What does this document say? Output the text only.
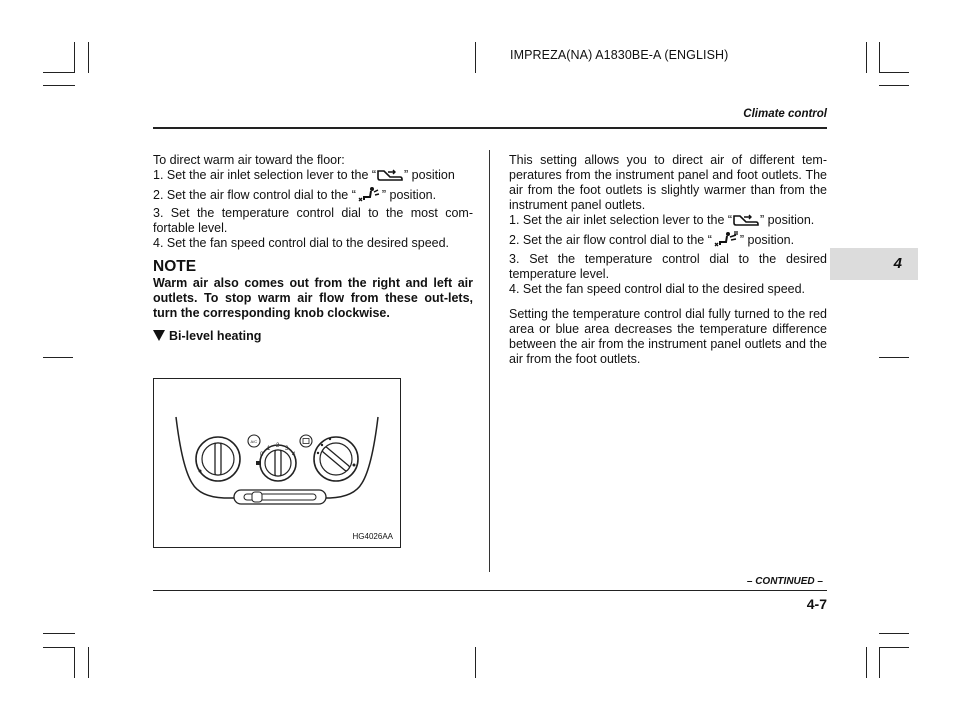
IMPREZA(NA) A1830BE-A (ENGLISH)
Climate control

To direct warm air toward the floor:

1. Set the air inlet selection lever to the “ ” position

2. Set the air flow control dial to the “ ” position.

3. Set the temperature control dial to the most com-fortable level.

4. Set the fan speed control dial to the desired speed.

NOTE

Warm air also comes out from the right and left air outlets. To stop warm air flow from these out-lets, turn the corresponding knob clockwise.

Bi-level heating
0
1 2 3
4
A/C
HG4026AA

This setting allows you to direct air of different tem-peratures from the instrument panel and foot outlets. The air from the foot outlets is slightly warmer than from the instrument panel outlets.

1. Set the air inlet selection lever to the “ ” position.

2. Set the air flow control dial to the “ ” position.

3. Set the temperature control dial to the desired temperature level.

4. Set the fan speed control dial to the desired speed.

Setting the temperature control dial fully turned to the red area or blue area decreases the temperature difference between the air from the instrument panel outlets and the air from the foot outlets.

4
– CONTINUED –
4-7
